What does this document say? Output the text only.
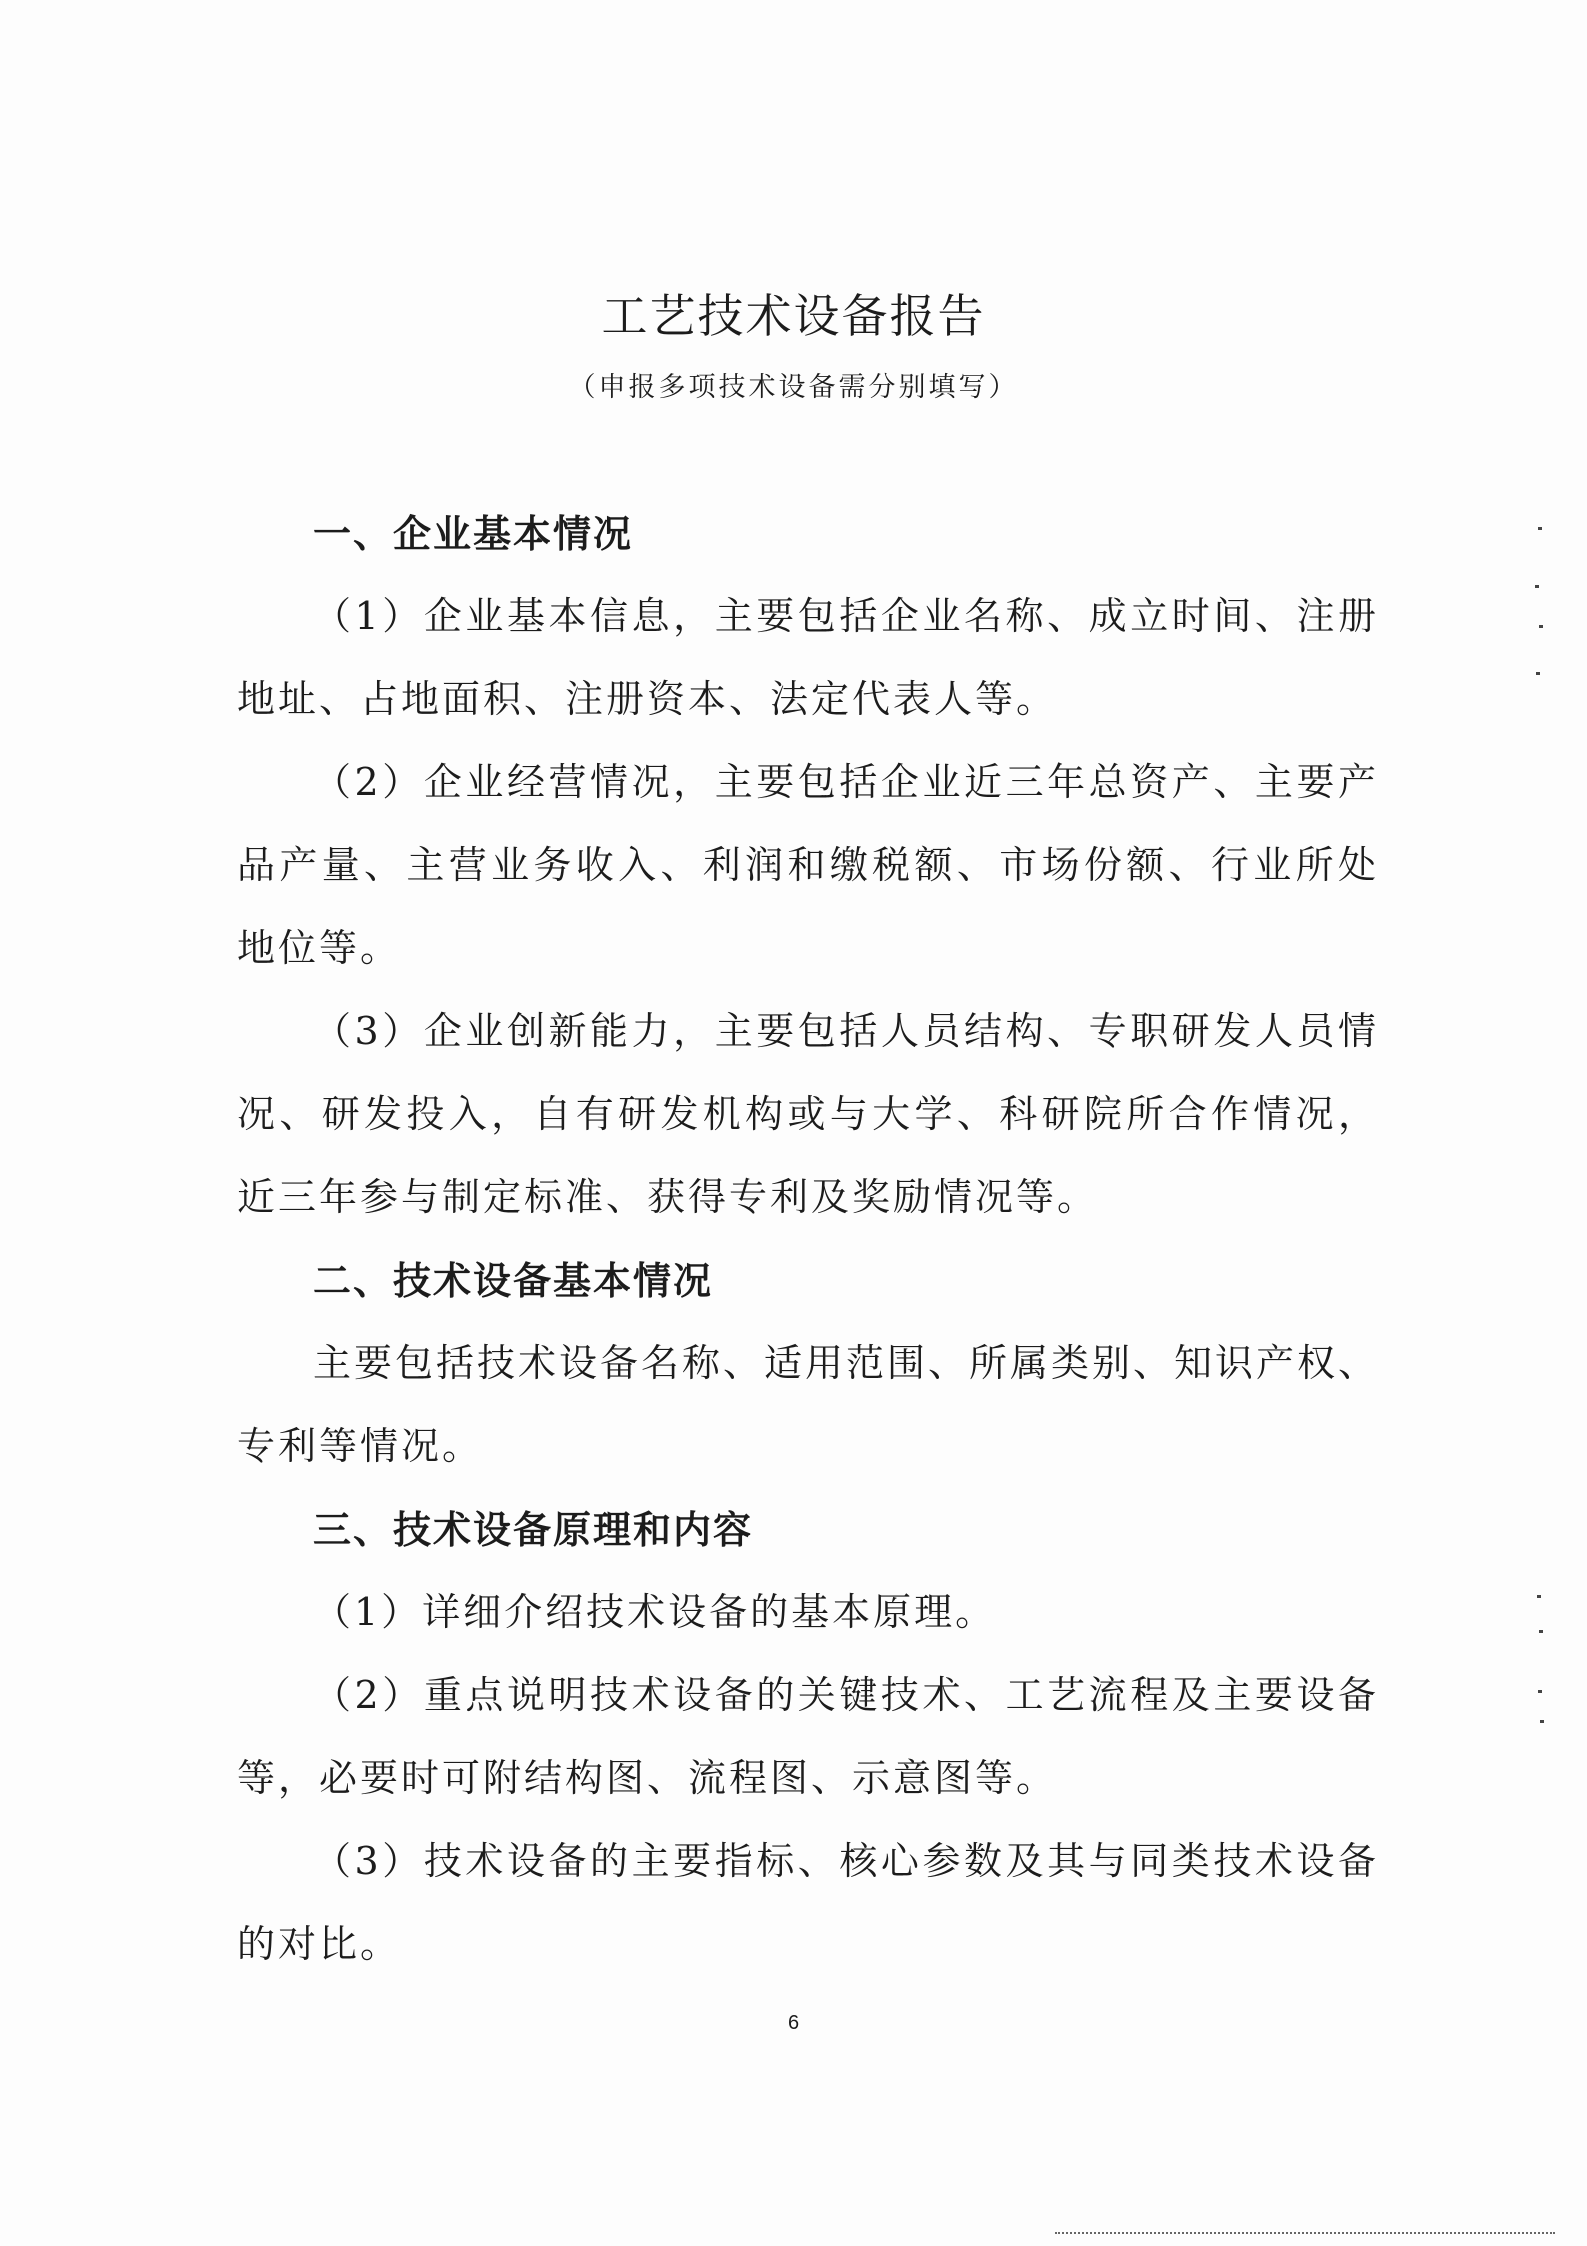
工艺技术设备报告
（申报多项技术设备需分别填写）
一、企业基本情况

（1）企业基本信息，主要包括企业名称、成立时间、注册地址、占地面积、注册资本、法定代表人等。

（2）企业经营情况，主要包括企业近三年总资产、主要产品产量、主营业务收入、利润和缴税额、市场份额、行业所处地位等。

（3）企业创新能力，主要包括人员结构、专职研发人员情况、研发投入，自有研发机构或与大学、科研院所合作情况，近三年参与制定标准、获得专利及奖励情况等。

二、技术设备基本情况

主要包括技术设备名称、适用范围、所属类别、知识产权、专利等情况。

三、技术设备原理和内容

（1）详细介绍技术设备的基本原理。

（2）重点说明技术设备的关键技术、工艺流程及主要设备等，必要时可附结构图、流程图、示意图等。

（3）技术设备的主要指标、核心参数及其与同类技术设备的对比。

6
